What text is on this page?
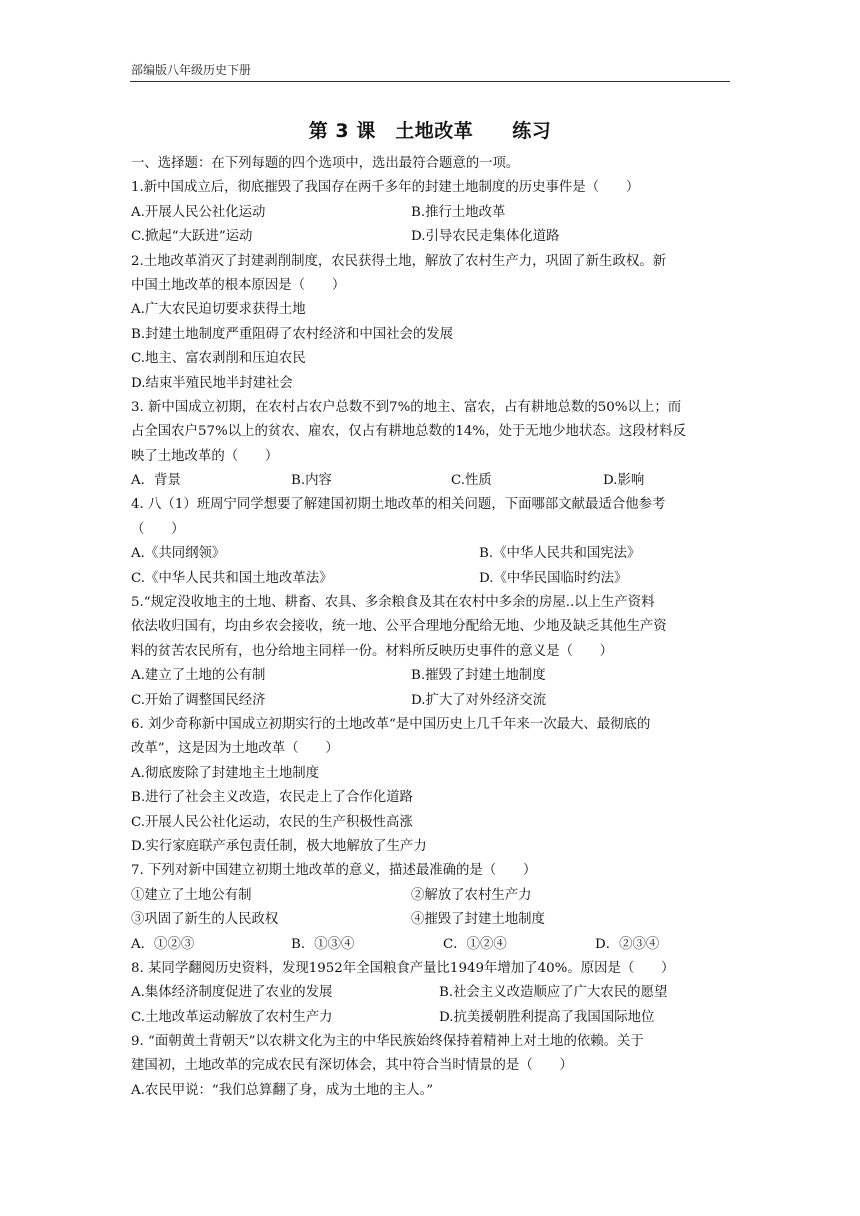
部编版八年级历史下册
第 3 课　土地改革　　 练习
一、选择题：在下列每题的四个选项中，选出最符合题意的一项。
1.新中国成立后，彻底摧毁了我国存在两千多年的封建土地制度的历史事件是（　　）
A.开展人民公社化运动	B.推行土地改革
C.掀起“大跃进”运动	D.引导农民走集体化道路
2.土地改革消灭了封建剥削制度，农民获得土地，解放了农村生产力，巩固了新生政权。新
中国土地改革的根本原因是（　　）
A.广大农民迫切要求获得土地
B.封建土地制度严重阻碍了农村经济和中国社会的发展
C.地主、富农剥削和压迫农民
D.结束半殖民地半封建社会
3. 新中国成立初期，在农村占农户总数不到7%的地主、富农，占有耕地总数的50%以上；而
占全国农户57%以上的贫农、雇农，仅占有耕地总数的14%，处于无地少地状态。这段材料反
映了土地改革的（　　）
A．背景	B.内容	C.性质	D.影响
4. 八（1）班周宁同学想要了解建国初期土地改革的相关问题，下面哪部文献最适合他参考
（　　）
A.《共同纲领》	B.《中华人民共和国宪法》
C.《中华人民共和国土地改革法》	D.《中华民国临时约法》
5.“规定没收地主的土地、耕畜、农具、多余粮食及其在农村中多余的房屋..以上生产资料
依法收归国有，均由乡农会接收，统一地、公平合理地分配给无地、少地及缺乏其他生产资
料的贫苦农民所有，也分给地主同样一份。材料所反映历史事件的意义是（　　）
A.建立了土地的公有制	B.摧毁了封建土地制度
C.开始了调整国民经济	D.扩大了对外经济交流
6. 刘少奇称新中国成立初期实行的土地改革“是中国历史上几千年来一次最大、最彻底的
改革”，这是因为土地改革（　　）
A.彻底废除了封建地主土地制度
B.进行了社会主义改造，农民走上了合作化道路
C.开展人民公社化运动，农民的生产积极性高涨
D.实行家庭联产承包责任制，极大地解放了生产力
7. 下列对新中国建立初期土地改革的意义，描述最准确的是（　　）
①建立了土地公有制	②解放了农村生产力
③巩固了新生的人民政权	④摧毁了封建土地制度
A．①②③	B．①③④	C．①②④	D．②③④
8. 某同学翻阅历史资料，发现1952年全国粮食产量比1949年增加了40%。原因是（　　）
A.集体经济制度促进了农业的发展	B.社会主义改造顺应了广大农民的愿望
C.土地改革运动解放了农村生产力	D.抗美援朝胜利提高了我国国际地位
9. “面朝黄土背朝天”以农耕文化为主的中华民族始终保持着精神上对土地的依赖。关于
建国初，土地改革的完成农民有深切体会，其中符合当时情景的是（　　）
A.农民甲说：“我们总算翻了身，成为土地的主人。”
